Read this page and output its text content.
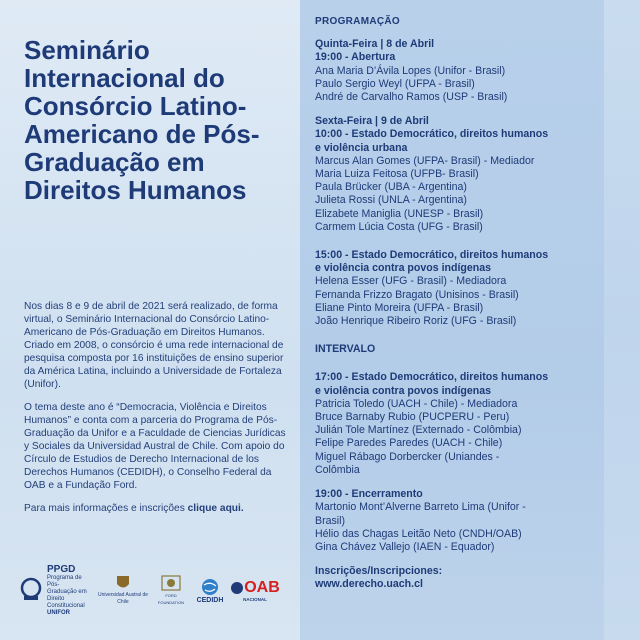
Seminário Internacional do Consórcio Latino-Americano de Pós-Graduação em Direitos Humanos

Nos dias 8 e 9 de abril de 2021 será realizado, de forma virtual, o Seminário Internacional do Consórcio Latino-Americano de Pós-Graduação em Direitos Humanos. Criado em 2008, o consórcio é uma rede internacional de pesquisa composta por 16 instituições de ensino superior da América Latina, incluindo a Universidade de Fortaleza (Unifor).

O tema deste ano é “Democracia, Violência e Direitos Humanos” e conta com a parceria do Programa de Pós-Graduação da Unifor e a Faculdade de Ciencias Jurídicas y Sociales da Universidad Austral de Chile. Com apoio do Círculo de Estudios de Derecho Internacional de los Derechos Humanos (CEDIDH), o Conselho Federal da OAB e a Fundação Ford.

Para mais informações e inscrições clique aqui.

PPGD
Programa de Pós-Graduação em Direito Constitucional
UNIFOR
Universidad Austral de Chile
FORD FOUNDATION CEDIDH
OAB
NACIONAL
PROGRAMAÇÃO
Quinta-Feira | 8 de Abril
19:00 - Abertura
Ana Maria D’Ávila Lopes (Unifor - Brasil)
Paulo Sergio Weyl (UFPA - Brasil)
André de Carvalho Ramos (USP - Brasil)
Sexta-Feira | 9 de Abril
10:00 - Estado Democrático, direitos humanos
e violência urbana
Marcus Alan Gomes (UFPA- Brasil) - Mediador
Maria Luiza Feitosa (UFPB- Brasil)
Paula Brücker (UBA - Argentina)
Julieta Rossi (UNLA - Argentina)
Elizabete Maniglia (UNESP - Brasil)
Carmem Lúcia Costa (UFG - Brasil)
15:00 - Estado Democrático, direitos humanos
e violência contra povos indígenas
Helena Esser (UFG - Brasil) - Mediadora
Fernanda Frizzo Bragato (Unisinos - Brasil)
Eliane Pinto Moreira (UFPA - Brasil)
João Henrique Ribeiro Roriz (UFG - Brasil)
INTERVALO
17:00 - Estado Democrático, direitos humanos
e violência contra povos indígenas
Patricia Toledo (UACH - Chile) - Mediadora
Bruce Barnaby Rubio (PUCPERU - Peru)
Julián Tole Martínez (Externado - Colômbia)
Felipe Paredes Paredes (UACH - Chile)
Miguel Rábago Dorbercker (Uniandes -
Colômbia
19:00 - Encerramento
Martonio Mont’Alverne Barreto Lima (Unifor -
Brasil)
Hélio das Chagas Leitão Neto (CNDH/OAB)
Gina Chávez Vallejo (IAEN - Equador)
Inscrições/Inscripciones:
www.derecho.uach.cl
